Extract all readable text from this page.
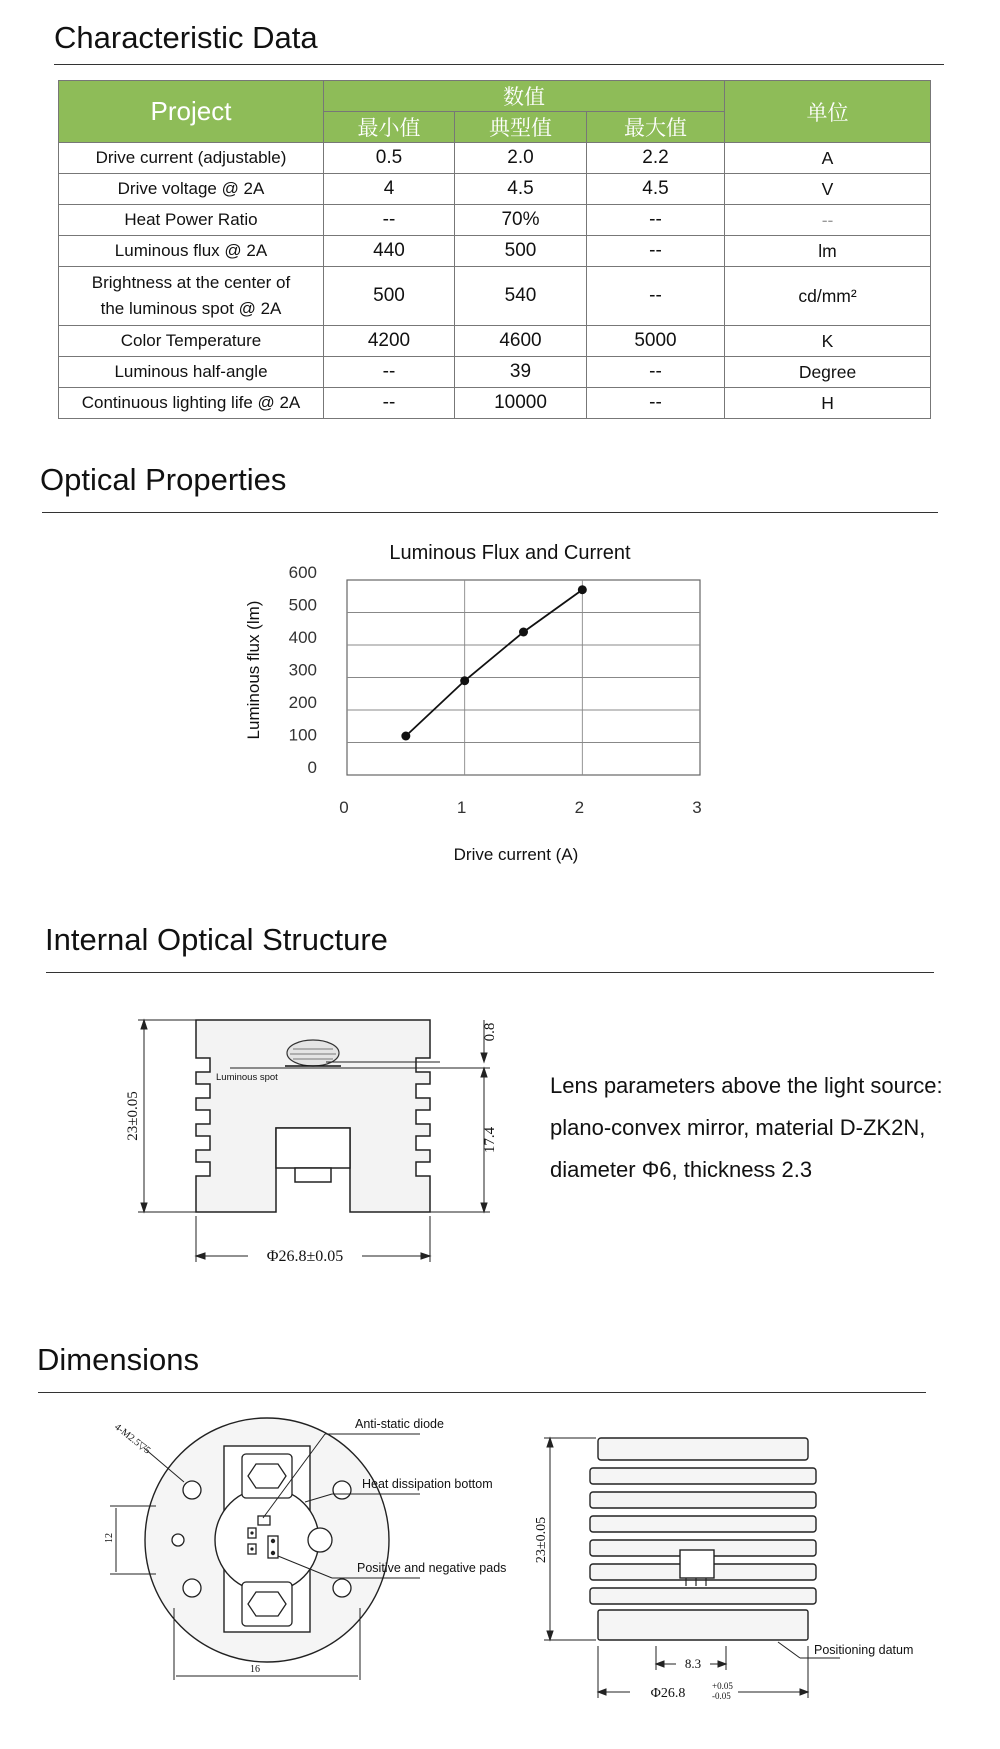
Characteristic Data
Project	数值			单位
	最小值	典型值	最大值	
Drive current (adjustable)	0.5	2.0	2.2	A
Drive voltage @ 2A	4	4.5	4.5	V
Heat Power Ratio	--	70%	--	--
Luminous flux @ 2A	440	500	--	lm

Brightness at the center of
the luminous spot @ 2A	500	540	--	cd/mm²
Color Temperature	4200	4600	5000	K
Luminous half-angle	--	39	--	Degree
Continuous lighting life @ 2A	--	10000	--	H
Optical Properties
Luminous Flux and Current
0
100
200
300
400
500
600
0	1	2	3
Luminous flux (lm)
Drive current (A)
Internal Optical Structure
Luminous spot
23±0.05	17.4
0.8
Φ26.8±0.05
Lens parameters above the light source:
plano-convex mirror, material D-ZK2N,
diameter Φ6, thickness 2.3
Dimensions
4-M2.5▽5	Anti-static diode
Heat dissipation bottom
Positive and negative pads
12
16
23±0.05
8.3
Φ26.8	+0.05
-0.05
Positioning datum
